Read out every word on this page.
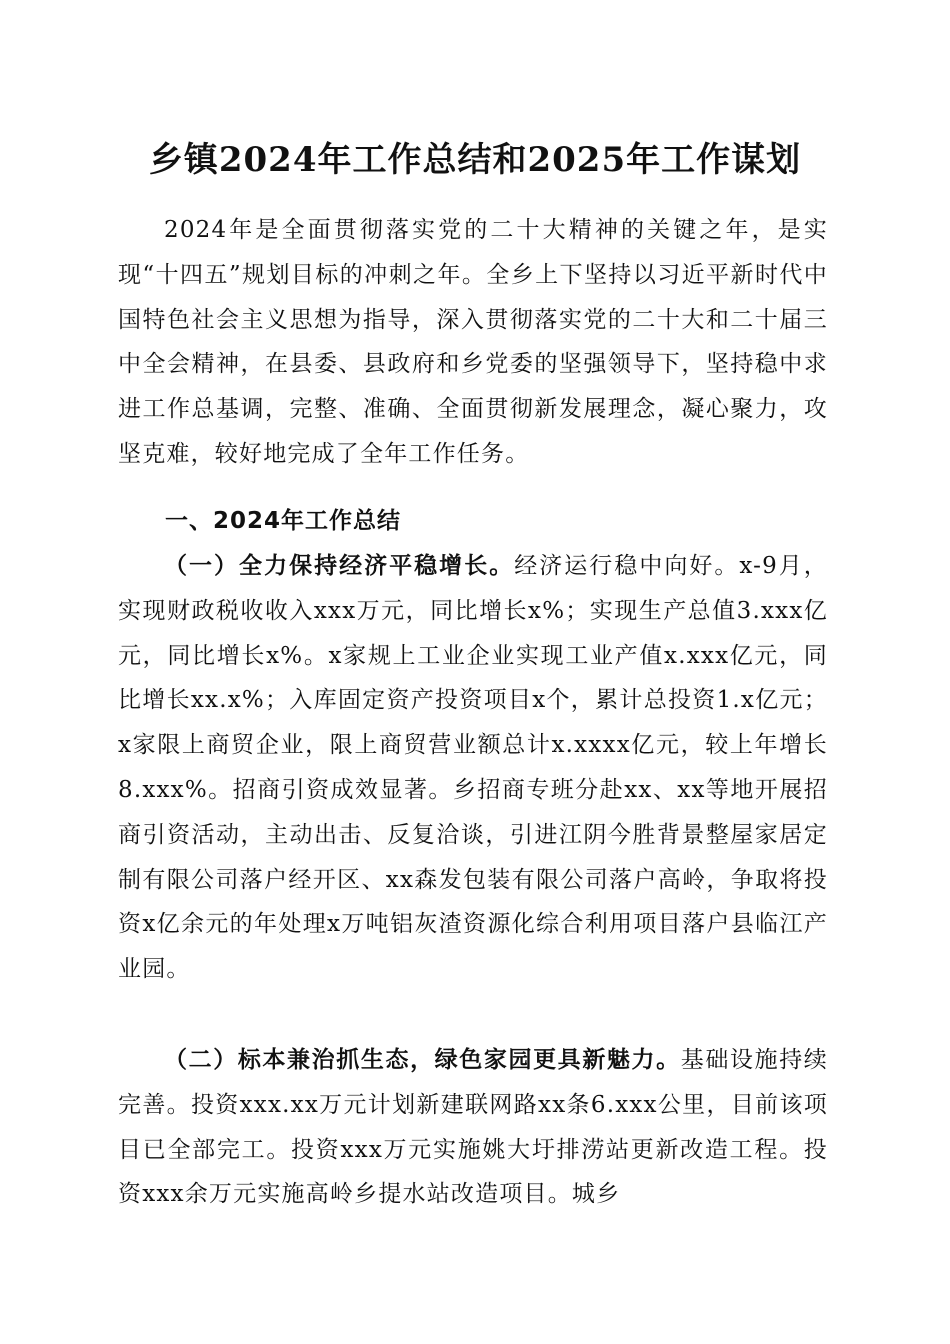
乡镇2024年工作总结和2025年工作谋划

2024年是全面贯彻落实党的二十大精神的关键之年，是实现“十四五”规划目标的冲刺之年。全乡上下坚持以习近平新时代中国特色社会主义思想为指导，深入贯彻落实党的二十大和二十届三中全会精神，在县委、县政府和乡党委的坚强领导下，坚持稳中求进工作总基调，完整、准确、全面贯彻新发展理念，凝心聚力，攻坚克难，较好地完成了全年工作任务。

一、2024年工作总结

（一）全力保持经济平稳增长。经济运行稳中向好。x-9月，实现财政税收收入xxx万元，同比增长x%；实现生产总值3.xxx亿元，同比增长x%。x家规上工业企业实现工业产值x.xxx亿元，同比增长xx.x%；入库固定资产投资项目x个，累计总投资1.x亿元；x家限上商贸企业，限上商贸营业额总计x.xxxx亿元，较上年增长8.xxx%。招商引资成效显著。乡招商专班分赴xx、xx等地开展招商引资活动，主动出击、反复洽谈，引进江阴今胜背景整屋家居定制有限公司落户经开区、xx森发包装有限公司落户高岭，争取将投资x亿余元的年处理x万吨铝灰渣资源化综合利用项目落户县临江产业园。

（二）标本兼治抓生态，绿色家园更具新魅力。基础设施持续完善。投资xxx.xx万元计划新建联网路xx条6.xxx公里，目前该项目已全部完工。投资xxx万元实施姚大圩排涝站更新改造工程。投资xxx余万元实施高岭乡提水站改造项目。城乡
